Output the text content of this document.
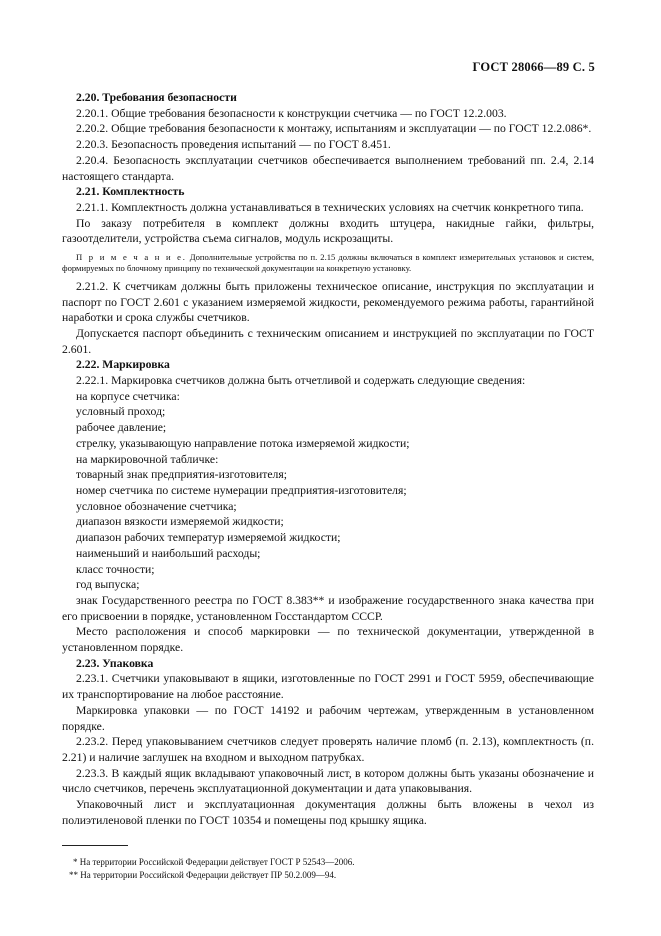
ГОСТ 28066—89 С. 5

2.20. Требования безопасности

2.20.1. Общие требования безопасности к конструкции счетчика — по ГОСТ 12.2.003.

2.20.2. Общие требования безопасности к монтажу, испытаниям и эксплуатации — по ГОСТ 12.2.086*.

2.20.3. Безопасность проведения испытаний — по ГОСТ 8.451.

2.20.4. Безопасность эксплуатации счетчиков обеспечивается выполнением требований пп. 2.4, 2.14 настоящего стандарта.

2.21. Комплектность

2.21.1. Комплектность должна устанавливаться в технических условиях на счетчик конкретного типа.

По заказу потребителя в комплект должны входить штуцера, накидные гайки, фильтры, газоотделители, устройства съема сигналов, модуль искрозащиты.

П р и м е ч а н и е. Дополнительные устройства по п. 2.15 должны включаться в комплект измерительных установок и систем, формируемых по блочному принципу по технической документации на конкретную установку.

2.21.2. К счетчикам должны быть приложены техническое описание, инструкция по эксплуатации и паспорт по ГОСТ 2.601 с указанием измеряемой жидкости, рекомендуемого режима работы, гарантийной наработки и срока службы счетчиков.

Допускается паспорт объединить с техническим описанием и инструкцией по эксплуатации по ГОСТ 2.601.

2.22. Маркировка

2.22.1. Маркировка счетчиков должна быть отчетливой и содержать следующие сведения:

на корпусе счетчика:

условный проход;

рабочее давление;

стрелку, указывающую направление потока измеряемой жидкости;

на маркировочной табличке:

товарный знак предприятия-изготовителя;

номер счетчика по системе нумерации предприятия-изготовителя;

условное обозначение счетчика;

диапазон вязкости измеряемой жидкости;

диапазон рабочих температур измеряемой жидкости;

наименьший и наибольший расходы;

класс точности;

год выпуска;

знак Государственного реестра по ГОСТ 8.383** и изображение государственного знака качества при его присвоении в порядке, установленном Госстандартом СССР.

Место расположения и способ маркировки — по технической документации, утвержденной в установленном порядке.

2.23. Упаковка

2.23.1. Счетчики упаковывают в ящики, изготовленные по ГОСТ 2991 и ГОСТ 5959, обеспечивающие их транспортирование на любое расстояние.

Маркировка упаковки — по ГОСТ 14192 и рабочим чертежам, утвержденным в установленном порядке.

2.23.2. Перед упаковыванием счетчиков следует проверять наличие пломб (п. 2.13), комплектность (п. 2.21) и наличие заглушек на входном и выходном патрубках.

2.23.3. В каждый ящик вкладывают упаковочный лист, в котором должны быть указаны обозначение и число счетчиков, перечень эксплуатационной документации и дата упаковывания.

Упаковочный лист и эксплуатационная документация должны быть вложены в чехол из полиэтиленовой пленки по ГОСТ 10354 и помещены под крышку ящика.

* На территории Российской Федерации действует ГОСТ Р 52543—2006.
** На территории Российской Федерации действует ПР 50.2.009—94.
